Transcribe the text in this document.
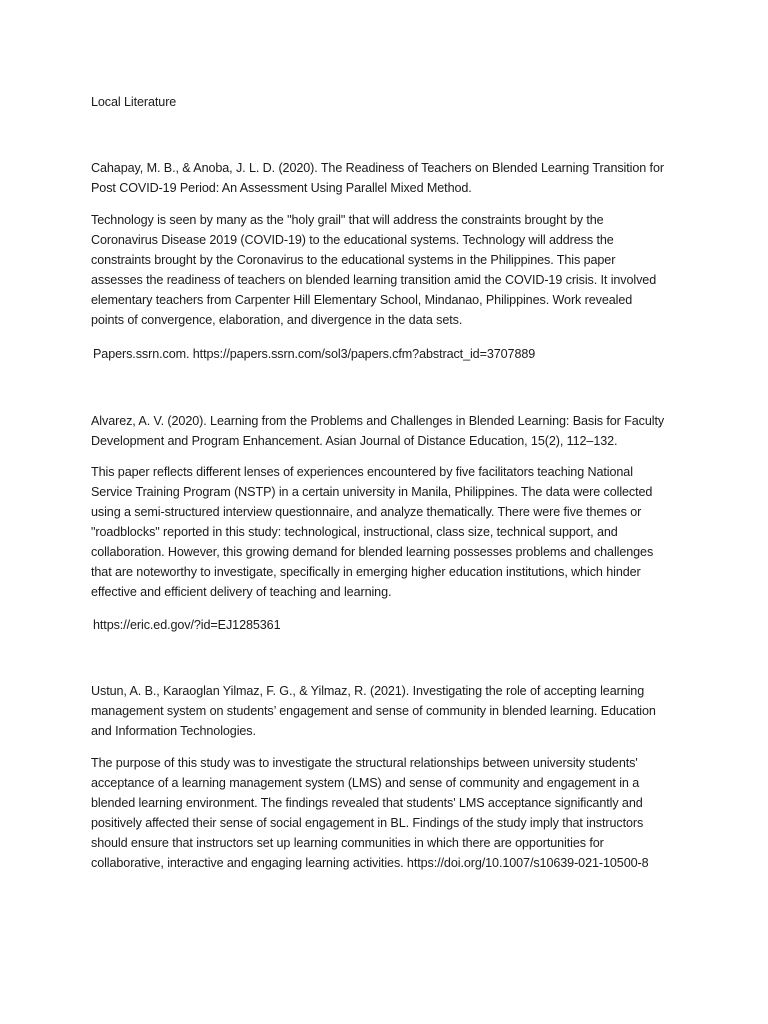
Local Literature
Cahapay, M. B., & Anoba, J. L. D. (2020). The Readiness of Teachers on Blended Learning Transition for
Post COVID-19 Period: An Assessment Using Parallel Mixed Method.
Technology is seen by many as the "holy grail" that will address the constraints brought by the
Coronavirus Disease 2019 (COVID-19) to the educational systems. Technology will address the
constraints brought by the Coronavirus to the educational systems in the Philippines. This paper
assesses the readiness of teachers on blended learning transition amid the COVID-19 crisis. It involved
elementary teachers from Carpenter Hill Elementary School, Mindanao, Philippines. Work revealed
points of convergence, elaboration, and divergence in the data sets.
Papers.ssrn.com. https://papers.ssrn.com/sol3/papers.cfm?abstract_id=3707889
Alvarez, A. V. (2020). Learning from the Problems and Challenges in Blended Learning: Basis for Faculty
Development and Program Enhancement. Asian Journal of Distance Education, 15(2), 112–132.
This paper reflects different lenses of experiences encountered by five facilitators teaching National
Service Training Program (NSTP) in a certain university in Manila, Philippines. The data were collected
using a semi-structured interview questionnaire, and analyze thematically. There were five themes or
"roadblocks" reported in this study: technological, instructional, class size, technical support, and
collaboration. However, this growing demand for blended learning possesses problems and challenges
that are noteworthy to investigate, specifically in emerging higher education institutions, which hinder
effective and efficient delivery of teaching and learning.
https://eric.ed.gov/?id=EJ1285361
Ustun, A. B., Karaoglan Yilmaz, F. G., & Yilmaz, R. (2021). Investigating the role of accepting learning
management system on students’ engagement and sense of community in blended learning. Education
and Information Technologies.
The purpose of this study was to investigate the structural relationships between university students'
acceptance of a learning management system (LMS) and sense of community and engagement in a
blended learning environment. The findings revealed that students' LMS acceptance significantly and
positively affected their sense of social engagement in BL. Findings of the study imply that instructors
should ensure that instructors set up learning communities in which there are opportunities for
collaborative, interactive and engaging learning activities. https://doi.org/10.1007/s10639-021-10500-8
